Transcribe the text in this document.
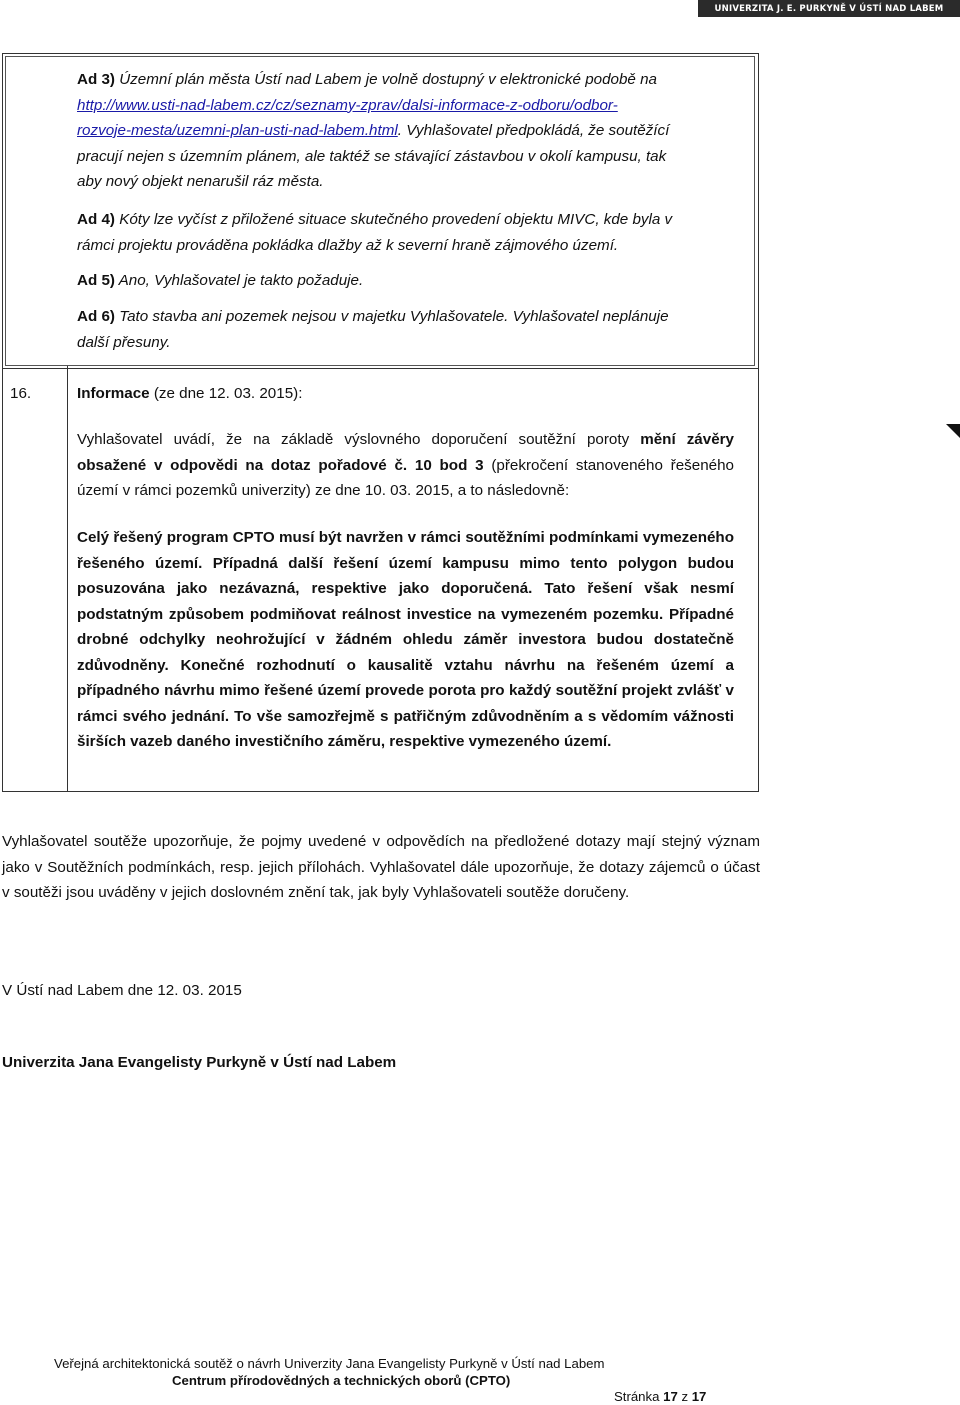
UNIVERZITA J. E. PURKYNĚ V ÚSTÍ NAD LABEM

Ad 3) Územní plán města Ústí nad Labem je volně dostupný v elektronické podobě na
http://www.usti-nad-labem.cz/cz/seznamy-zprav/dalsi-informace-z-odboru/odbor-
rozvoje-mesta/uzemni-plan-usti-nad-labem.html. Vyhlašovatel předpokládá, že soutěžící
pracují nejen s územním plánem, ale taktéž se stávající zástavbou v okolí kampusu, tak
aby nový objekt nenarušil ráz města.

Ad 4) Kóty lze vyčíst z přiložené situace skutečného provedení objektu MIVC, kde byla v
rámci projektu prováděna pokládka dlažby až k severní hraně zájmového území.

Ad 5) Ano, Vyhlašovatel je takto požaduje.

Ad 6) Tato stavba ani pozemek nejsou v majetku Vyhlašovatele. Vyhlašovatel neplánuje
další přesuny.

16.	Informace (ze dne 12. 03. 2015):

Vyhlašovatel uvádí, že na základě výslovného doporučení soutěžní poroty mění závěry obsažené v odpovědi na dotaz pořadové č. 10 bod 3 (překročení stanoveného řešeného území v rámci pozemků univerzity) ze dne 10. 03. 2015, a to následovně:

Celý řešený program CPTO musí být navržen v rámci soutěžními podmínkami vymezeného řešeného území. Případná další řešení území kampusu mimo tento polygon budou posuzována jako nezávazná, respektive jako doporučená. Tato řešení však nesmí podstatným způsobem podmiňovat reálnost investice na vymezeném pozemku. Případné drobné odchylky neohrožující v žádném ohledu záměr investora budou dostatečně zdůvodněny. Konečné rozhodnutí o kausalitě vztahu návrhu na řešeném území a případného návrhu mimo řešené území provede porota pro každý soutěžní projekt zvlášť v rámci svého jednání. To vše samozřejmě s patřičným zdůvodněním a s vědomím vážnosti širších vazeb daného investičního záměru, respektive vymezeného území.

Vyhlašovatel soutěže upozorňuje, že pojmy uvedené v odpovědích na předložené dotazy mají stejný význam jako v Soutěžních podmínkách, resp. jejich přílohách. Vyhlašovatel dále upozorňuje, že dotazy zájemců o účast v soutěži jsou uváděny v jejich doslovném znění tak, jak byly Vyhlašovateli soutěže doručeny.

V Ústí nad Labem dne 12. 03. 2015

Univerzita Jana Evangelisty Purkyně v Ústí nad Labem

Veřejná architektonická soutěž o návrh Univerzity Jana Evangelisty Purkyně v Ústí nad Labem
Centrum přírodovědných a technických oborů (CPTO)
Stránka 17 z 17
